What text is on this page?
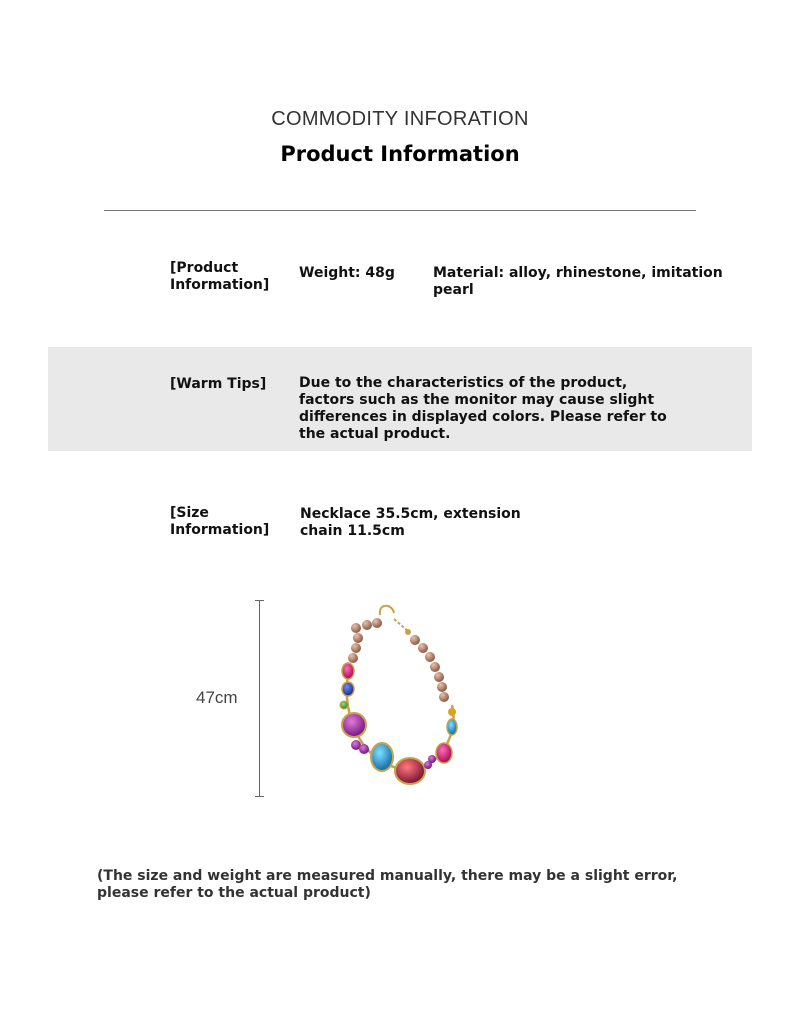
COMMODITY INFORATION
Product Information
[Product Information]
Weight: 48g	Material: alloy, rhinestone, imitation pearl
[Warm Tips]	Due to the characteristics of the product, factors such as the monitor may cause slight differences in displayed colors. Please refer to the actual product.
[Size Information]
Necklace 35.5cm, extension chain 11.5cm
47cm
(The size and weight are measured manually, there may be a slight error, please refer to the actual product)
